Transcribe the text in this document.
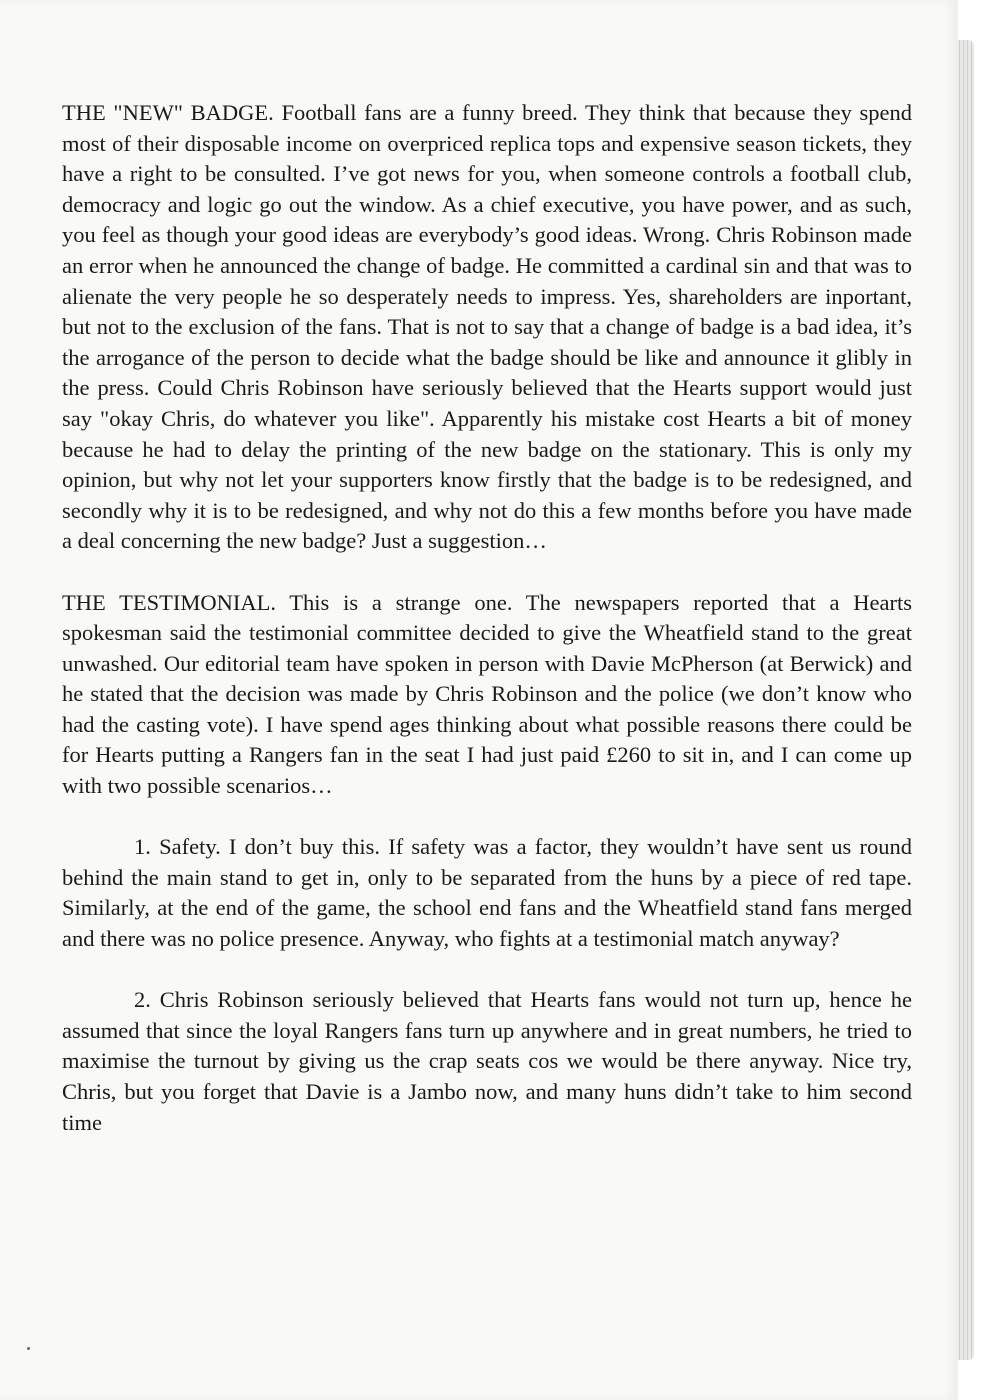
THE "NEW" BADGE. Football fans are a funny breed. They think that because they spend most of their disposable income on overpriced replica tops and expensive season tickets, they have a right to be consulted. I’ve got news for you, when someone controls a football club, democracy and logic go out the window. As a chief executive, you have power, and as such, you feel as though your good ideas are everybody’s good ideas. Wrong. Chris Robinson made an error when he announced the change of badge. He committed a cardinal sin and that was to alienate the very people he so desperately needs to impress. Yes, shareholders are inportant, but not to the exclusion of the fans. That is not to say that a change of badge is a bad idea, it’s the arrogance of the person to decide what the badge should be like and announce it glibly in the press. Could Chris Robinson have seriously believed that the Hearts support would just say "okay Chris, do whatever you like". Apparently his mistake cost Hearts a bit of money because he had to delay the printing of the new badge on the stationary. This is only my opinion, but why not let your supporters know firstly that the badge is to be redesigned, and secondly why it is to be redesigned, and why not do this a few months before you have made a deal concerning the new badge? Just a suggestion…

THE TESTIMONIAL. This is a strange one. The newspapers reported that a Hearts spokesman said the testimonial committee decided to give the Wheatfield stand to the great unwashed. Our editorial team have spoken in person with Davie McPherson (at Berwick) and he stated that the decision was made by Chris Robinson and the police (we don’t know who had the casting vote). I have spend ages thinking about what possible reasons there could be for Hearts putting a Rangers fan in the seat I had just paid £260 to sit in, and I can come up with two possible scenarios…

1. Safety. I don’t buy this. If safety was a factor, they wouldn’t have sent us round behind the main stand to get in, only to be separated from the huns by a piece of red tape. Similarly, at the end of the game, the school end fans and the Wheatfield stand fans merged and there was no police presence. Anyway, who fights at a testimonial match anyway?

2. Chris Robinson seriously believed that Hearts fans would not turn up, hence he assumed that since the loyal Rangers fans turn up anywhere and in great numbers, he tried to maximise the turnout by giving us the crap seats cos we would be there anyway. Nice try, Chris, but you forget that Davie is a Jambo now, and many huns didn’t take to him second time
